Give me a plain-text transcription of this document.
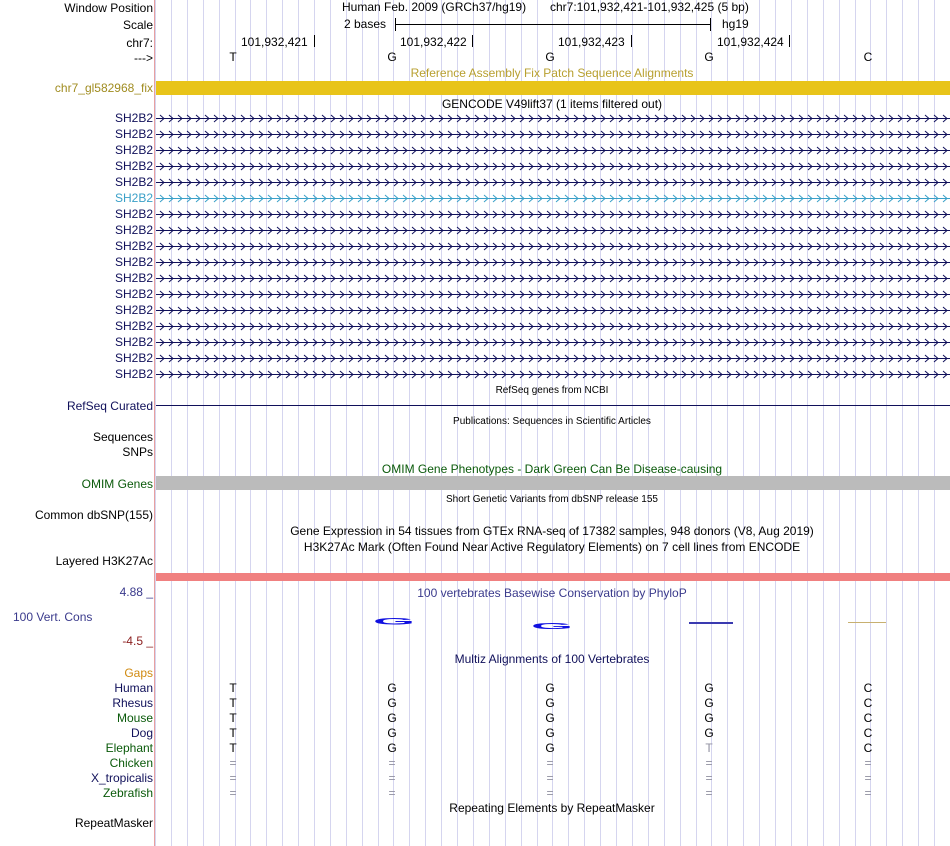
Window Position	Human Feb. 2009 (GRCh37/hg19) chr7:101,932,421-101,932,425 (5 bp)
Scale	2 bases	hg19
chr7:	101,932,421	101,932,422	101,932,423	101,932,424
--->	T	G	G	G	C
Reference Assembly Fix Patch Sequence Alignments
chr7_gl582968_fix
GENCODE V49lift37 (1 items filtered out)
SH2B2
SH2B2
SH2B2
SH2B2
SH2B2
SH2B2
SH2B2
SH2B2
SH2B2
SH2B2
SH2B2
SH2B2
SH2B2
SH2B2
SH2B2
SH2B2
SH2B2
RefSeq genes from NCBI
RefSeq Curated
Publications: Sequences in Scientific Articles
Sequences
SNPs
OMIM Gene Phenotypes - Dark Green Can Be Disease-causing
OMIM Genes
Short Genetic Variants from dbSNP release 155
Common dbSNP(155)
Gene Expression in 54 tissues from GTEx RNA-seq of 17382 samples, 948 donors (V8, Aug 2019)
H3K27Ac Mark (Often Found Near Active Regulatory Elements) on 7 cell lines from ENCODE
Layered H3K27Ac
4.88 _	100 vertebrates Basewise Conservation by PhyloP
100 Vert. Cons
-4.5 _
G	G
Multiz Alignments of 100 Vertebrates
Gaps
Human	T	G	G	G	C
Rhesus	T	G	G	G	C
Mouse	T	G	G	G	C
Dog	T	G	G	G	C
Elephant	T	G	G	T	C
Chicken	=	=	=	=	=
X_tropicalis	=	=	=	=	=
Zebrafish	=	=	=	=	=
Repeating Elements by RepeatMasker
RepeatMasker
